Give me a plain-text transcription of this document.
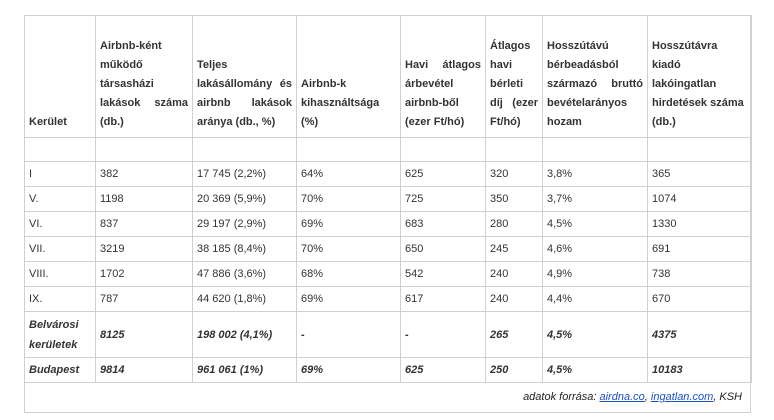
Kerület	Airbnb-ként működő társasházi lakások száma (db.)	Teljes lakásállomány és airbnb lakások aránya (db., %)	Airbnb-k kihasználtsága (%)	Havi átlagos árbevétel airbnb-ből (ezer Ft/hó)	Átlagos havi bérleti díj (ezer Ft/hó)	Hosszútávú bérbeadásból származó bruttó bevételarányos hozam	Hosszútávra kiadó lakóingatlan hirdetések száma (db.)

I	382	17 745 (2,2%)	64%	625	320	3,8%	365
V.	1198	20 369 (5,9%)	70%	725	350	3,7%	1074
VI.	837	29 197 (2,9%)	69%	683	280	4,5%	1330
VII.	3219	38 185 (8,4%)	70%	650	245	4,6%	691
VIII.	1702	47 886 (3,6%)	68%	542	240	4,9%	738
IX.	787	44 620 (1,8%)	69%	617	240	4,4%	670
Belvárosi kerületek	8125	198 002 (4,1%)	-	-	265	4,5%	4375
Budapest	9814	961 061 (1%)	69%	625	250	4,5%	10183
adatok forrása: airdna.co, ingatlan.com, KSH
